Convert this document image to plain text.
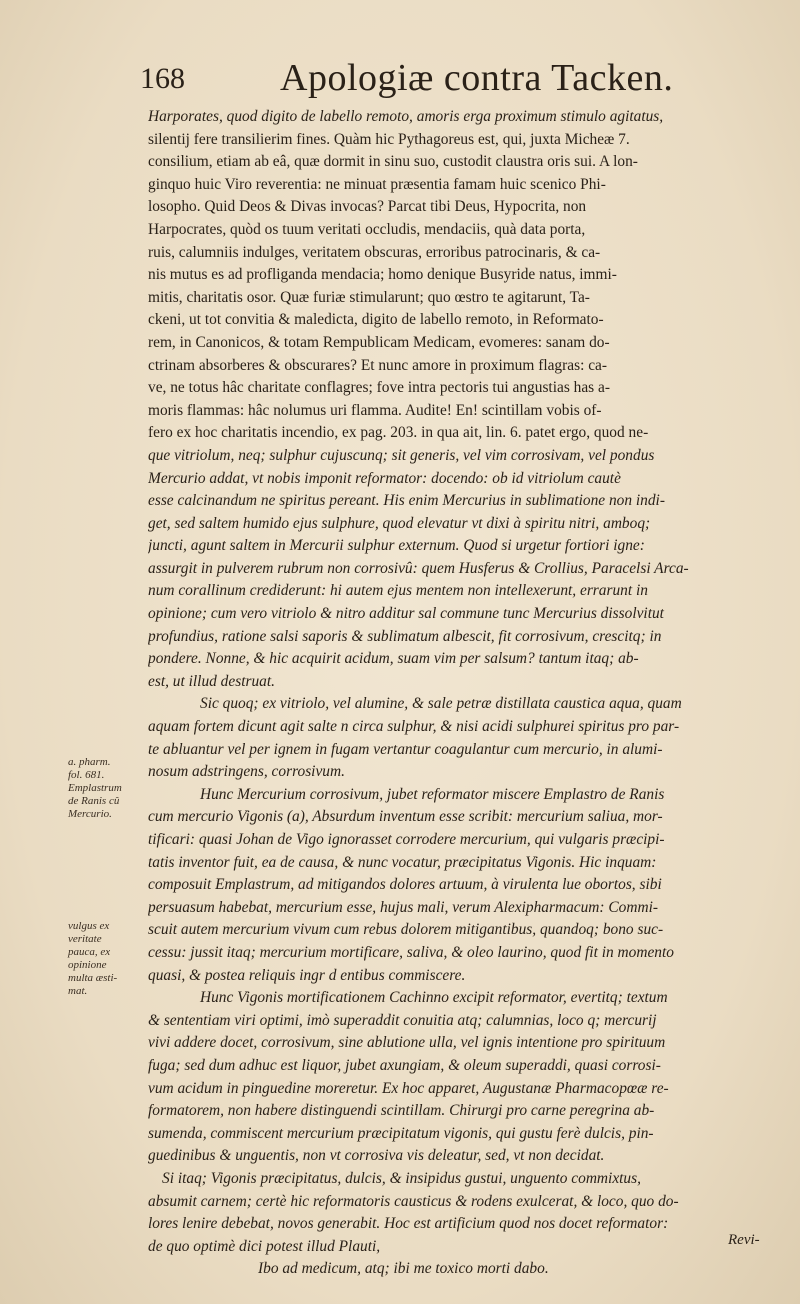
168	Apologiæ contra Tacken.
Harporates, quod digito de labello remoto, amoris erga proximum stimulo agitatus,
silentij fere transilierim fines. Quàm hic Pythagoreus est, qui, juxta Micheæ 7.
consilium, etiam ab eâ, quæ dormit in sinu suo, custodit claustra oris sui. A lon-
ginquo huic Viro reverentia: ne minuat præsentia famam huic scenico Phi-
losopho. Quid Deos & Divas invocas? Parcat tibi Deus, Hypocrita, non
Harpocrates, quòd os tuum veritati occludis, mendaciis, quà data porta,
ruis, calumniis indulges, veritatem obscuras, erroribus patrocinaris, & ca-
nis mutus es ad profliganda mendacia; homo denique Busyride natus, immi-
mitis, charitatis osor. Quæ furiæ stimularunt; quo œstro te agitarunt, Ta-
ckeni, ut tot convitia & maledicta, digito de labello remoto, in Reformato-
rem, in Canonicos, & totam Rempublicam Medicam, evomeres: sanam do-
ctrinam absorberes & obscurares? Et nunc amore in proximum flagras: ca-
ve, ne totus hâc charitate conflagres; fove intra pectoris tui angustias has a-
moris flammas: hâc nolumus uri flamma. Audite! En! scintillam vobis of-
fero ex hoc charitatis incendio, ex pag. 203. in qua ait, lin. 6. patet ergo, quod ne-
que vitriolum, neq; sulphur cujuscunq; sit generis, vel vim corrosivam, vel pondus
Mercurio addat, vt nobis imponit reformator: docendo: ob id vitriolum cautè
esse calcinandum ne spiritus pereant. His enim Mercurius in sublimatione non indi-
get, sed saltem humido ejus sulphure, quod elevatur vt dixi à spiritu nitri, amboq;
juncti, agunt saltem in Mercurii sulphur externum. Quod si urgetur fortiori igne:
assurgit in pulverem rubrum non corrosivû: quem Husferus & Crollius, Paracelsi Arca-
num corallinum crediderunt: hi autem ejus mentem non intellexerunt, errarunt in
opinione; cum vero vitriolo & nitro additur sal commune tunc Mercurius dissolvitut
profundius, ratione salsi saporis & sublimatum albescit, fit corrosivum, crescitq; in
pondere. Nonne, & hic acquirit acidum, suam vim per salsum? tantum itaq; ab-
est, ut illud destruat.
Sic quoq; ex vitriolo, vel alumine, & sale petræ distillata caustica aqua, quam
aquam fortem dicunt agit salte n circa sulphur, & nisi acidi sulphurei spiritus pro par-
te abluantur vel per ignem in fugam vertantur coagulantur cum mercurio, in alumi-
nosum adstringens, corrosivum.
Hunc Mercurium corrosivum, jubet reformator miscere Emplastro de Ranis
cum mercurio Vigonis (a), Absurdum inventum esse scribit: mercurium saliua, mor-
tificari: quasi Johan de Vigo ignorasset corrodere mercurium, qui vulgaris præcipi-
tatis inventor fuit, ea de causa, & nunc vocatur, præcipitatus Vigonis. Hic inquam:
composuit Emplastrum, ad mitigandos dolores artuum, à virulenta lue obortos, sibi
persuasum habebat, mercurium esse, hujus mali, verum Alexipharmacum: Commi-
scuit autem mercurium vivum cum rebus dolorem mitigantibus, quandoq; bono suc-
cessu: jussit itaq; mercurium mortificare, saliva, & oleo laurino, quod fit in momento
quasi, & postea reliquis ingr d entibus commiscere.
Hunc Vigonis mortificationem Cachinno excipit reformator, evertitq; textum
& sententiam viri optimi, imò superaddit conuitia atq; calumnias, loco q; mercurij
vivi addere docet, corrosivum, sine ablutione ulla, vel ignis intentione pro spirituum
fuga; sed dum adhuc est liquor, jubet axungiam, & oleum superaddi, quasi corrosi-
vum acidum in pinguedine moreretur. Ex hoc apparet, Augustanæ Pharmacopœæ re-
formatorem, non habere distinguendi scintillam. Chirurgi pro carne peregrina ab-
sumenda, commiscent mercurium præcipitatum vigonis, qui gustu ferè dulcis, pin-
guedinibus & unguentis, non vt corrosiva vis deleatur, sed, vt non decidat.
Si itaq; Vigonis præcipitatus, dulcis, & insipidus gustui, unguento commixtus,
absumit carnem; certè hic reformatoris causticus & rodens exulcerat, & loco, quo do-
lores lenire debebat, novos generabit. Hoc est artificium quod nos docet reformator:
de quo optimè dici potest illud Plauti,
Ibo ad medicum, atq; ibi me toxico morti dabo.
a. pharm.
fol. 681.
Emplastrum
de Ranis cû
Mercurio.
vulgus ex
veritate
pauca, ex
opinione
multa æsti-
mat.
Revi-
